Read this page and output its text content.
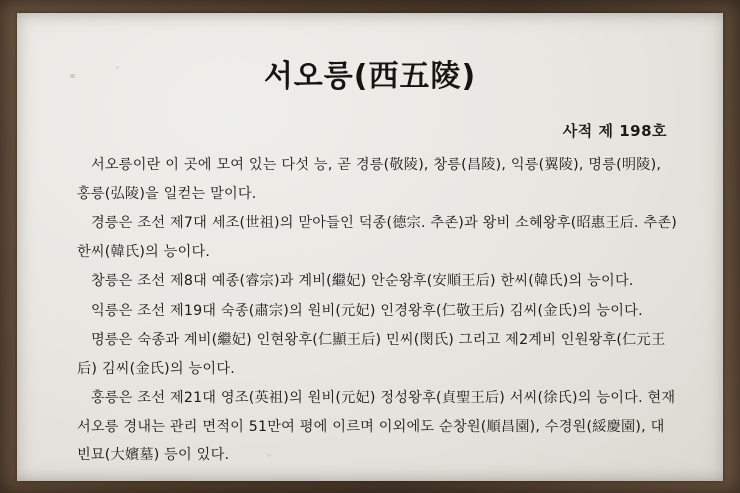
서오릉(西五陵)
사적 제 198호

서오릉이란 이 곳에 모여 있는 다섯 능, 곧 경릉(敬陵), 창릉(昌陵), 익릉(翼陵), 명릉(明陵), 홍릉(弘陵)을 일컫는 말이다.

경릉은 조선 제7대 세조(世祖)의 맏아들인 덕종(德宗. 추존)과 왕비 소혜왕후(昭惠王后. 추존) 한씨(韓氏)의 능이다.

창릉은 조선 제8대 예종(睿宗)과 계비(繼妃) 안순왕후(安順王后) 한씨(韓氏)의 능이다.

익릉은 조선 제19대 숙종(肅宗)의 원비(元妃) 인경왕후(仁敬王后) 김씨(金氏)의 능이다.

명릉은 숙종과 계비(繼妃) 인현왕후(仁顯王后) 민씨(閔氏) 그리고 제2계비 인원왕후(仁元王后) 김씨(金氏)의 능이다.

홍릉은 조선 제21대 영조(英祖)의 원비(元妃) 정성왕후(貞聖王后) 서씨(徐氏)의 능이다. 현재 서오릉 경내는 관리 면적이 51만여 평에 이르며 이외에도 순창원(順昌園), 수경원(綏慶園), 대빈묘(大嬪墓) 등이 있다.
